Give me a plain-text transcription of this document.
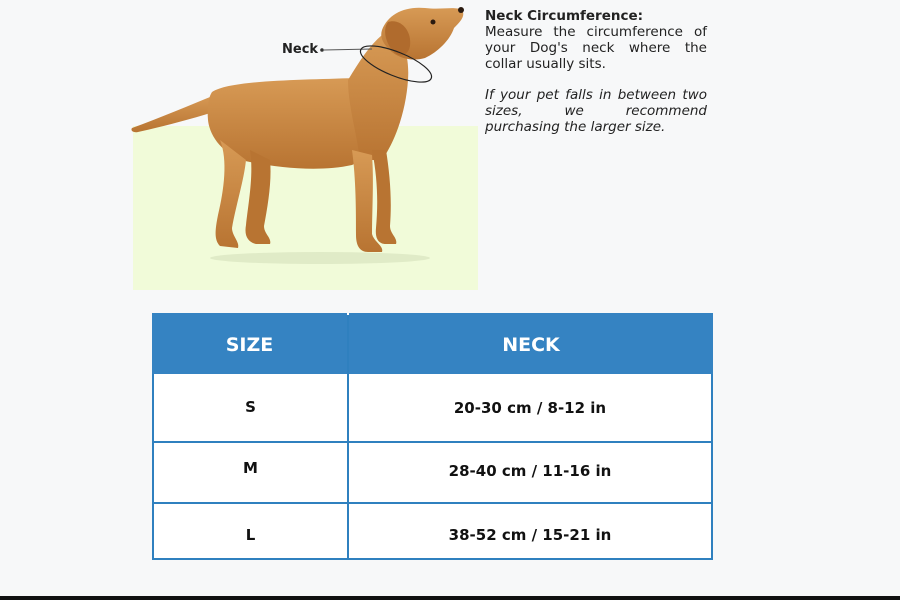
Neck
Neck Circumference:
Measure the circumference of your Dog's neck where the collar usually sits.
If your pet falls in between two sizes, we recommend purchasing the larger size.
SIZE	NECK
S	20-30 cm / 8-12 in
M	28-40 cm / 11-16 in
L	38-52 cm / 15-21 in
